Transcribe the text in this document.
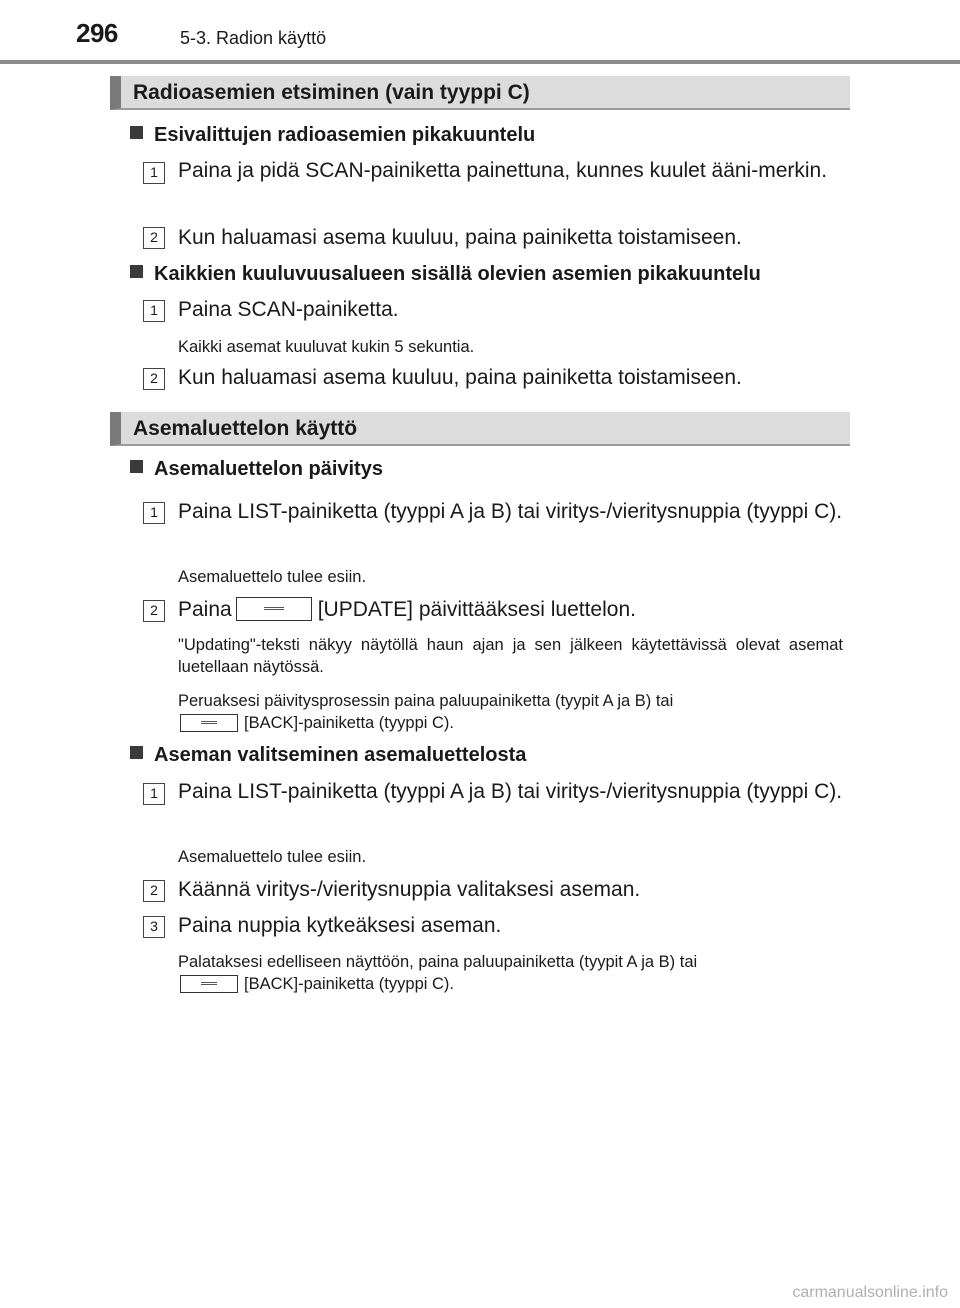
296	5-3. Radion käyttö
Radioasemien etsiminen (vain tyyppi C)
Esivalittujen radioasemien pikakuuntelu
1 Paina ja pidä SCAN-painiketta painettuna, kunnes kuulet ääni-merkin.
2 Kun haluamasi asema kuuluu, paina painiketta toistamiseen.
Kaikkien kuuluvuusalueen sisällä olevien asemien pikakuuntelu
1 Paina SCAN-painiketta.
Kaikki asemat kuuluvat kukin 5 sekuntia.
2 Kun haluamasi asema kuuluu, paina painiketta toistamiseen.
Asemaluettelon käyttö
Asemaluettelon päivitys
1 Paina LIST-painiketta (tyyppi A ja B) tai viritys-/vieritysnuppia (tyyppi C).
Asemaluettelo tulee esiin.
2 Paina	[UPDATE] päivittääksesi luettelon.
"Updating"-teksti näkyy näytöllä haun ajan ja sen jälkeen käytettävissä olevat asemat luetellaan näytössä.
Peruaksesi päivitysprosessin paina paluupainiketta (tyypit A ja B) tai
[BACK]-painiketta (tyyppi C).
Aseman valitseminen asemaluettelosta
1 Paina LIST-painiketta (tyyppi A ja B) tai viritys-/vieritysnuppia (tyyppi C).
Asemaluettelo tulee esiin.
2 Käännä viritys-/vieritysnuppia valitaksesi aseman.
3 Paina nuppia kytkeäksesi aseman.
Palataksesi edelliseen näyttöön, paina paluupainiketta (tyypit A ja B) tai
[BACK]-painiketta (tyyppi C).
carmanualsonline.info
